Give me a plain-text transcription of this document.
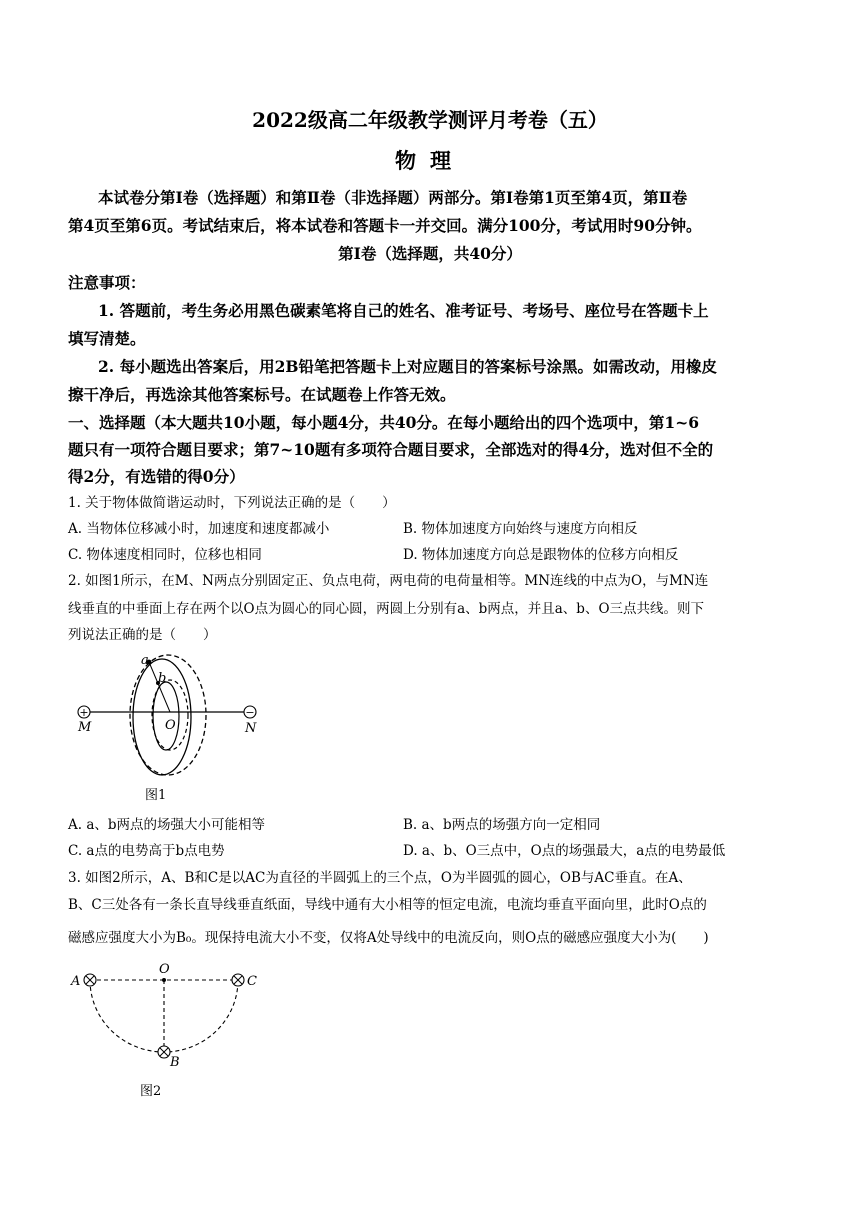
2022级高二年级教学测评月考卷（五）
物理
本试卷分第Ⅰ卷（选择题）和第Ⅱ卷（非选择题）两部分。第Ⅰ卷第1页至第4页，第Ⅱ卷
第4页至第6页。考试结束后，将本试卷和答题卡一并交回。满分100分，考试用时90分钟。
第Ⅰ卷（选择题，共40分）
注意事项：
1. 答题前，考生务必用黑色碳素笔将自己的姓名、准考证号、考场号、座位号在答题卡上
填写清楚。
2. 每小题选出答案后，用2B铅笔把答题卡上对应题目的答案标号涂黑。如需改动，用橡皮
擦干净后，再选涂其他答案标号。在试题卷上作答无效。
一、选择题（本大题共10小题，每小题4分，共40分。在每小题给出的四个选项中，第1~6
题只有一项符合题目要求；第7~10题有多项符合题目要求，全部选对的得4分，选对但不全的
得2分，有选错的得0分）
1. 关于物体做简谐运动时，下列说法正确的是（　　）
A. 当物体位移减小时，加速度和速度都减小	B. 物体加速度方向始终与速度方向相反
C. 物体速度相同时，位移也相同	D. 物体加速度方向总是跟物体的位移方向相反
2. 如图1所示，在M、N两点分别固定正、负点电荷，两电荷的电荷量相等。MN连线的中点为O，与MN连
线垂直的中垂面上存在两个以O点为圆心的同心圆，两圆上分别有a、b两点，并且a、b、O三点共线。则下
列说法正确的是（　　）
+	−
M	N
O
a
b
图1
A. a、b两点的场强大小可能相等	B. a、b两点的场强方向一定相同
C. a点的电势高于b点电势	D. a、b、O三点中，O点的场强最大，a点的电势最低
3. 如图2所示，A、B和C是以AC为直径的半圆弧上的三个点，O为半圆弧的圆心，OB与AC垂直。在A、
B、C三处各有一条长直导线垂直纸面，导线中通有大小相等的恒定电流，电流均垂直平面向里，此时O点的
磁感应强度大小为B₀。现保持电流大小不变，仅将A处导线中的电流反向，则O点的磁感应强度大小为(　　)
A	C
O
B
图2
